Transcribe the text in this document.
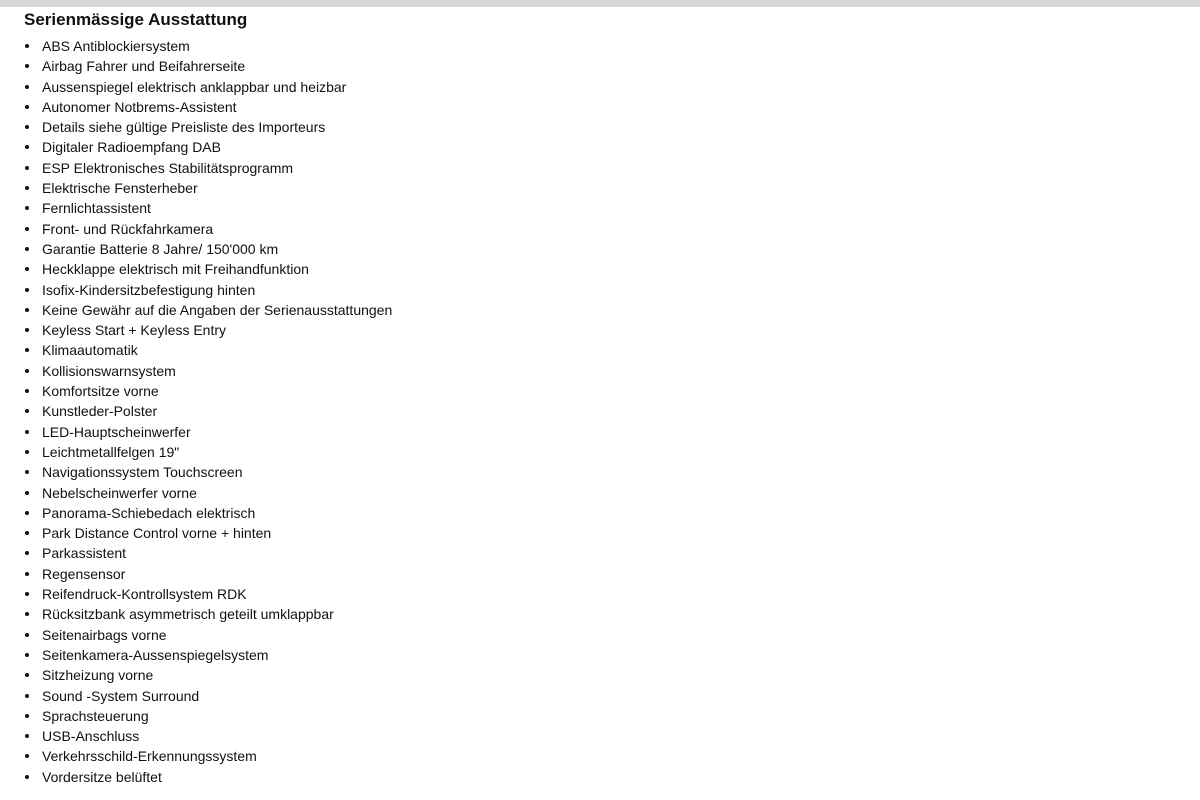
Serienmässige Ausstattung
ABS Antiblockiersystem
Airbag Fahrer und Beifahrerseite
Aussenspiegel elektrisch anklappbar und heizbar
Autonomer Notbrems-Assistent
Details siehe gültige Preisliste des Importeurs
Digitaler Radioempfang DAB
ESP Elektronisches Stabilitätsprogramm
Elektrische Fensterheber
Fernlichtassistent
Front- und Rückfahrkamera
Garantie Batterie 8 Jahre/ 150'000 km
Heckklappe elektrisch mit Freihandfunktion
Isofix-Kindersitzbefestigung hinten
Keine Gewähr auf die Angaben der Serienausstattungen
Keyless Start + Keyless Entry
Klimaautomatik
Kollisionswarnsystem
Komfortsitze vorne
Kunstleder-Polster
LED-Hauptscheinwerfer
Leichtmetallfelgen 19"
Navigationssystem Touchscreen
Nebelscheinwerfer vorne
Panorama-Schiebedach elektrisch
Park Distance Control vorne + hinten
Parkassistent
Regensensor
Reifendruck-Kontrollsystem RDK
Rücksitzbank asymmetrisch geteilt umklappbar
Seitenairbags vorne
Seitenkamera-Aussenspiegelsystem
Sitzheizung vorne
Sound -System Surround
Sprachsteuerung
USB-Anschluss
Verkehrsschild-Erkennungssystem
Vordersitze belüftet
